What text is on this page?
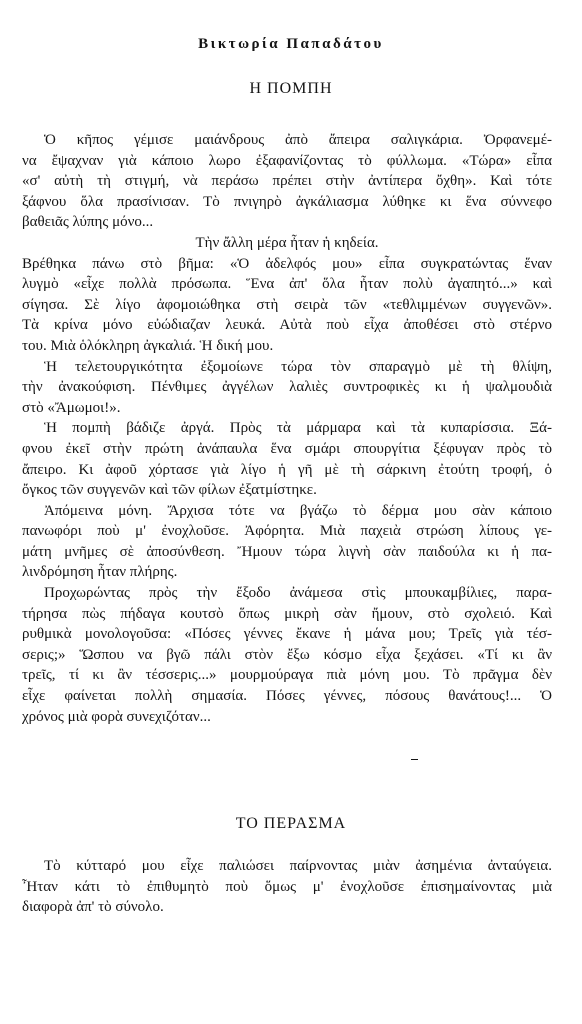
Βικτωρία Παπαδάτου
Η ΠΟΜΠΗ
Ὁ κῆπος γέμισε μαιάνδρους ἀπὸ ἄπειρα σαλιγκάρια. Ὀρφανεμέ-
να ἔψαχναν γιὰ κάποιο λωρο ἐξαφανίζοντας τὸ φύλλωμα. «Τώρα» εἶπα
«σ' αὐτὴ τὴ στιγμή, νὰ περάσω πρέπει στὴν ἀντίπερα ὄχθη». Καὶ τότε
ξάφνου ὅλα πρασίνισαν. Τὸ πνιγηρὸ ἀγκάλιασμα λύθηκε κι ἕνα σύννεφο
βαθειᾶς λύπης μόνο...
Τὴν ἄλλη μέρα ἦταν ἡ κηδεία.
Βρέθηκα πάνω στὸ βῆμα: «Ὁ ἀδελφός μου» εἶπα συγκρατώντας ἕναν
λυγμὸ «εἶχε πολλὰ πρόσωπα. Ἕνα ἀπ' ὅλα ἦταν πολὺ ἀγαπητό...» καὶ
σίγησα. Σὲ λίγο ἀφομοιώθηκα στὴ σειρὰ τῶν «τεθλιμμένων συγγενῶν».
Τὰ κρίνα μόνο εὐώδιαζαν λευκά. Αὐτὰ ποὺ εἶχα ἀποθέσει στὸ στέρνο
του. Μιὰ ὁλόκληρη ἀγκαλιά. Ἡ δική μου.
Ἡ τελετουργικότητα ἐξομοίωνε τώρα τὸν σπαραγμὸ μὲ τὴ θλίψη,
τὴν ἀνακούφιση. Πένθιμες ἀγγέλων λαλιὲς συντροφικὲς κι ἡ ψαλμουδιὰ
στὸ «Ἄμωμοι!».
Ἡ πομπὴ βάδιζε ἀργά. Πρὸς τὰ μάρμαρα καὶ τὰ κυπαρίσσια. Ξά-
φνου ἐκεῖ στὴν πρώτη ἀνάπαυλα ἕνα σμάρι σπουργίτια ξέφυγαν πρὸς τὸ
ἄπειρο. Κι ἀφοῦ χόρτασε γιὰ λίγο ἡ γῆ μὲ τὴ σάρκινη ἐτούτη τροφή, ὁ
ὄγκος τῶν συγγενῶν καὶ τῶν φίλων ἐξατμίστηκε.
Ἀπόμεινα μόνη. Ἄρχισα τότε να βγάζω τὸ δέρμα μου σὰν κάποιο
πανωφόρι ποὺ μ' ἐνοχλοῦσε. Ἀφόρητα. Μιὰ παχειὰ στρώση λίπους γε-
μάτη μνῆμες σὲ ἀποσύνθεση. Ἤμουν τώρα λιγνὴ σὰν παιδούλα κι ἡ πα-
λινδρόμηση ἦταν πλήρης.
Προχωρώντας πρὸς τὴν ἔξοδο ἀνάμεσα στὶς μπουκαμβίλιες, παρα-
τήρησα πὼς πήδαγα κουτσὸ ὅπως μικρὴ σὰν ἤμουν, στὸ σχολειό. Καὶ
ρυθμικὰ μονολογοῦσα: «Πόσες γέννες ἔκανε ἡ μάνα μου; Τρεῖς γιὰ τέσ-
σερις;» Ὥσπου να βγῶ πάλι στὸν ἔξω κόσμο εἶχα ξεχάσει. «Τί κι ἂν
τρεῖς, τί κι ἂν τέσσερις...» μουρμούραγα πιὰ μόνη μου. Τὸ πρᾶγμα δὲν
εἶχε φαίνεται πολλὴ σημασία. Πόσες γέννες, πόσους θανάτους!... Ὁ
χρόνος μιὰ φορὰ συνεχιζόταν...
ΤΟ ΠΕΡΑΣΜΑ
Τὸ κύτταρό μου εἶχε παλιώσει παίρνοντας μιὰν ἀσημένια ἀνταύγεια.
Ἦταν κάτι τὸ ἐπιθυμητὸ ποὺ ὅμως μ' ἐνοχλοῦσε ἐπισημαίνοντας μιὰ
διαφορὰ ἀπ' τὸ σύνολο.
